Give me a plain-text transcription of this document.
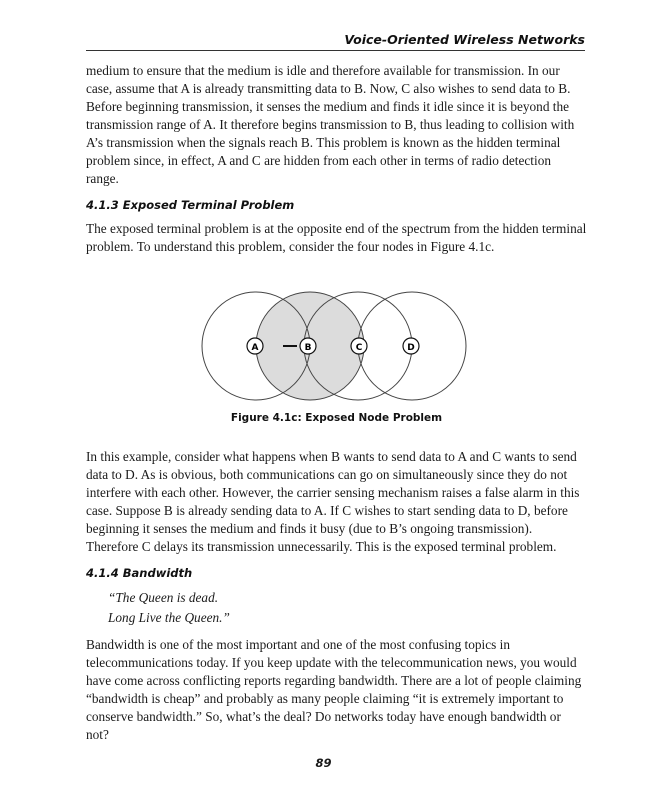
Voice-Oriented Wireless Networks

medium to ensure that the medium is idle and therefore available for transmission. In our case, assume that A is already transmitting data to B. Now, C also wishes to send data to B. Before beginning transmission, it senses the medium and finds it idle since it is beyond the transmission range of A. It therefore begins transmission to B, thus leading to collision with A’s transmission when the signals reach B. This problem is known as the hidden terminal problem since, in effect, A and C are hidden from each other in terms of radio detection range.

4.1.3 Exposed Terminal Problem

The exposed terminal problem is at the opposite end of the spectrum from the hidden terminal problem. To understand this problem, consider the four nodes in Figure 4.1c.

A	B	C	D
Figure 4.1c: Exposed Node Problem

In this example, consider what happens when B wants to send data to A and C wants to send data to D. As is obvious, both communications can go on simultaneously since they do not interfere with each other. However, the carrier sensing mechanism raises a false alarm in this case. Suppose B is already sending data to A. If C wishes to start sending data to D, before beginning it senses the medium and finds it busy (due to B’s ongoing transmission). Therefore C delays its transmission unnecessarily. This is the exposed terminal problem.

4.1.4 Bandwidth
“The Queen is dead.
Long Live the Queen.”

Bandwidth is one of the most important and one of the most confusing topics in telecommunications today. If you keep update with the telecommunication news, you would have come across conflicting reports regarding bandwidth. There are a lot of people claiming “bandwidth is cheap” and probably as many people claiming “it is extremely important to conserve bandwidth.” So, what’s the deal? Do networks today have enough bandwidth or not?

89
